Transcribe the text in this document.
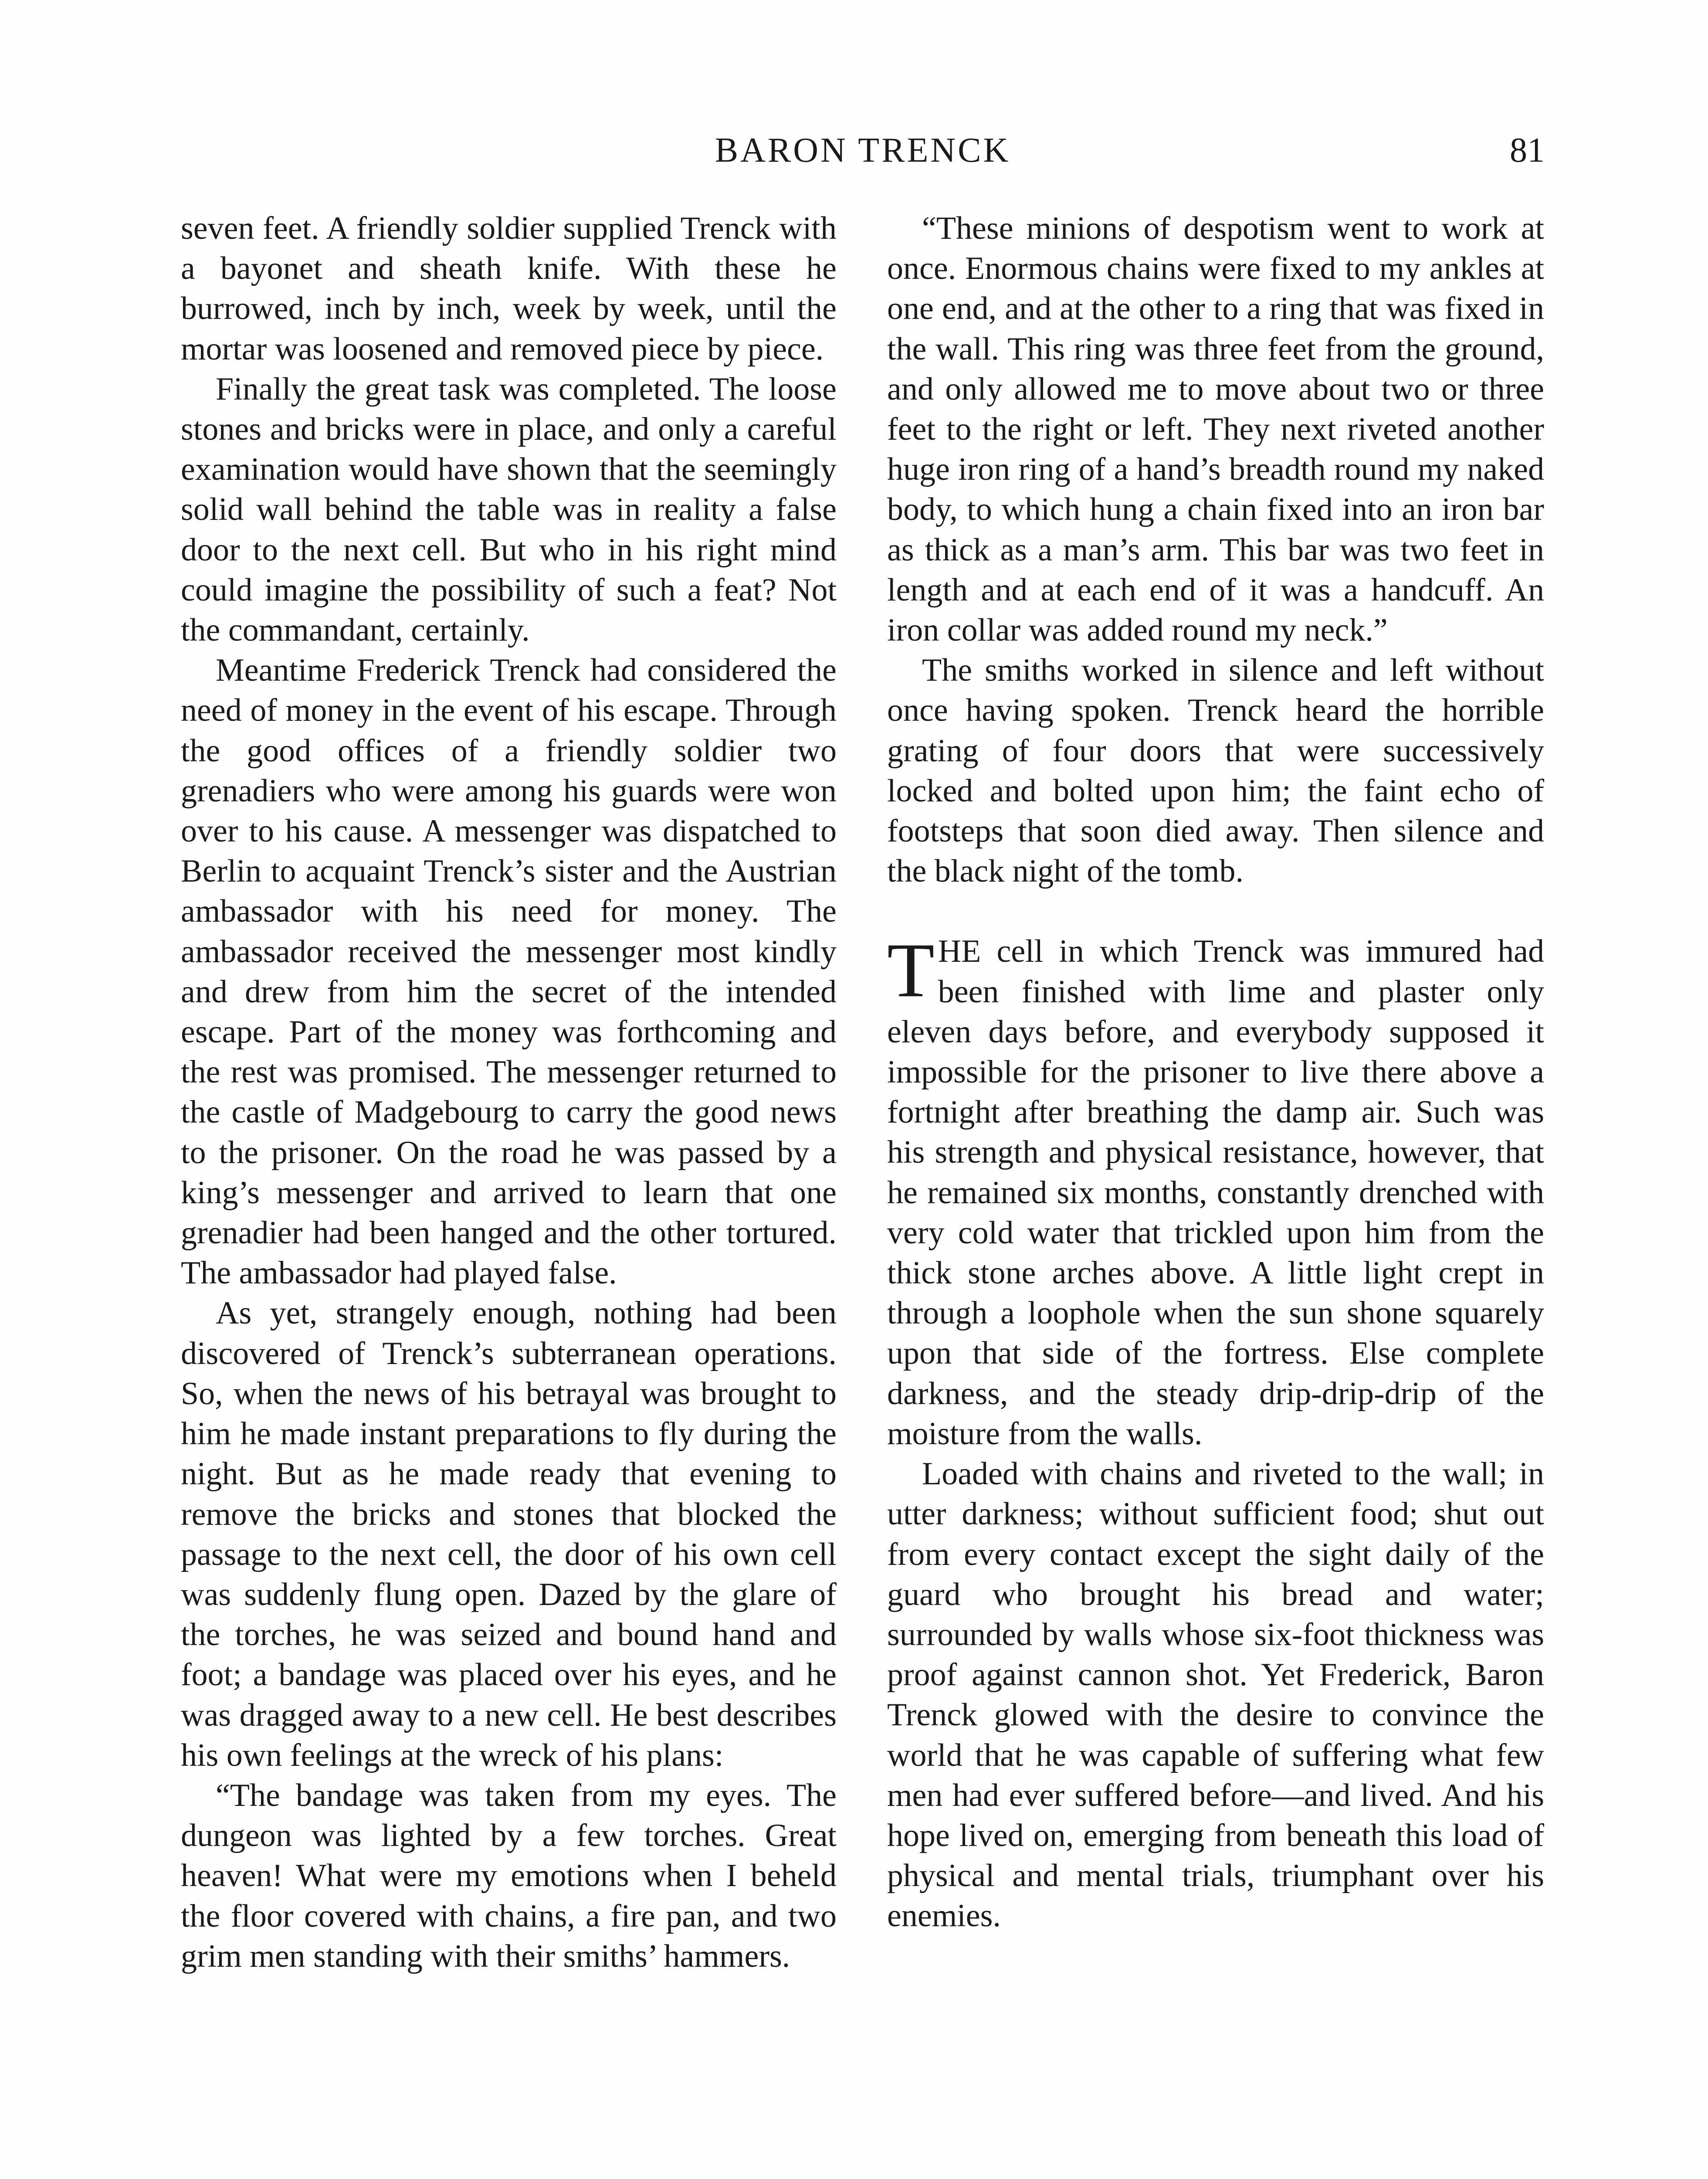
BARON TRENCK	81

seven feet. A friendly soldier supplied Trenck with a bayonet and sheath knife. With these he burrowed, inch by inch, week by week, until the mortar was loosened and removed piece by piece.

Finally the great task was completed. The loose stones and bricks were in place, and only a careful examination would have shown that the seemingly solid wall behind the table was in reality a false door to the next cell. But who in his right mind could imagine the possibility of such a feat? Not the commandant, certainly.

Meantime Frederick Trenck had considered the need of money in the event of his escape. Through the good offices of a friendly soldier two grenadiers who were among his guards were won over to his cause. A messenger was dispatched to Berlin to acquaint Trenck’s sister and the Austrian ambassador with his need for money. The ambassador received the messenger most kindly and drew from him the secret of the intended escape. Part of the money was forthcoming and the rest was promised. The messenger returned to the castle of Madgebourg to carry the good news to the prisoner. On the road he was passed by a king’s messenger and arrived to learn that one grenadier had been hanged and the other tortured. The ambassador had played false.

As yet, strangely enough, nothing had been discovered of Trenck’s subterranean operations. So, when the news of his betrayal was brought to him he made instant preparations to fly during the night. But as he made ready that evening to remove the bricks and stones that blocked the passage to the next cell, the door of his own cell was suddenly flung open. Dazed by the glare of the torches, he was seized and bound hand and foot; a bandage was placed over his eyes, and he was dragged away to a new cell. He best describes his own feelings at the wreck of his plans:

“The bandage was taken from my eyes. The dungeon was lighted by a few torches. Great heaven! What were my emotions when I beheld the floor covered with chains, a fire pan, and two grim men standing with their smiths’ hammers.

“These minions of despotism went to work at once. Enormous chains were fixed to my ankles at one end, and at the other to a ring that was fixed in the wall. This ring was three feet from the ground, and only allowed me to move about two or three feet to the right or left. They next riveted another huge iron ring of a hand’s breadth round my naked body, to which hung a chain fixed into an iron bar as thick as a man’s arm. This bar was two feet in length and at each end of it was a handcuff. An iron collar was added round my neck.”

The smiths worked in silence and left without once having spoken. Trenck heard the horrible grating of four doors that were successively locked and bolted upon him; the faint echo of footsteps that soon died away. Then silence and the black night of the tomb.

THE cell in which Trenck was immured had been finished with lime and plaster only eleven days before, and everybody supposed it impossible for the prisoner to live there above a fortnight after breathing the damp air. Such was his strength and physical resistance, however, that he remained six months, constantly drenched with very cold water that trickled upon him from the thick stone arches above. A little light crept in through a loophole when the sun shone squarely upon that side of the fortress. Else complete darkness, and the steady drip-drip-drip of the moisture from the walls.

Loaded with chains and riveted to the wall; in utter darkness; without sufficient food; shut out from every contact except the sight daily of the guard who brought his bread and water; surrounded by walls whose six-foot thickness was proof against cannon shot. Yet Frederick, Baron Trenck glowed with the desire to convince the world that he was capable of suffering what few men had ever suffered before—and lived. And his hope lived on, emerging from beneath this load of physical and mental trials, triumphant over his enemies.
